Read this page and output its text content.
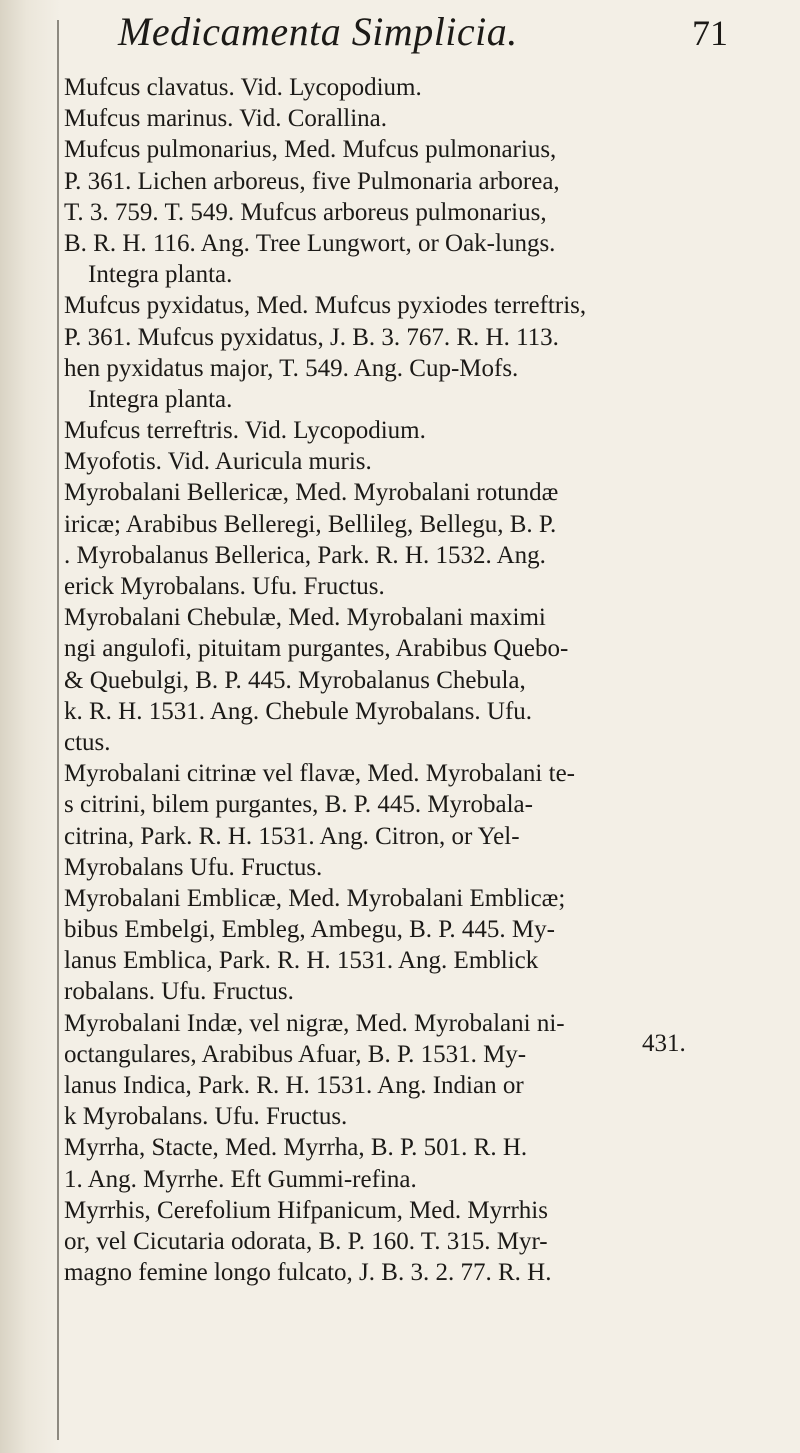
Medicamenta Simplicia.	71
Mufcus clavatus. Vid. Lycopodium.
Mufcus marinus. Vid. Corallina.
Mufcus pulmonarius, Med. Mufcus pulmonarius,
P. 361. Lichen arboreus, five Pulmonaria arborea,
T. 3. 759. T. 549. Mufcus arboreus pulmonarius,
B. R. H. 116. Ang. Tree Lungwort, or Oak-lungs.
Integra planta.
Mufcus pyxidatus, Med. Mufcus pyxiodes terreftris,
P. 361. Mufcus pyxidatus, J. B. 3. 767. R. H. 113.
hen pyxidatus major, T. 549. Ang. Cup-Mofs.
Integra planta.
Mufcus terreftris. Vid. Lycopodium.
Myofotis. Vid. Auricula muris.
Myrobalani Bellericæ, Med. Myrobalani rotundæ
iricæ; Arabibus Belleregi, Bellileg, Bellegu, B. P.
. Myrobalanus Bellerica, Park. R. H. 1532. Ang.
erick Myrobalans. Ufu. Fructus.
Myrobalani Chebulæ, Med. Myrobalani maximi
ngi angulofi, pituitam purgantes, Arabibus Quebo-
& Quebulgi, B. P. 445. Myrobalanus Chebula,
k. R. H. 1531. Ang. Chebule Myrobalans. Ufu.
ctus.
Myrobalani citrinæ vel flavæ, Med. Myrobalani te-
s citrini, bilem purgantes, B. P. 445. Myrobala-
citrina, Park. R. H. 1531. Ang. Citron, or Yel-
Myrobalans Ufu. Fructus.
Myrobalani Emblicæ, Med. Myrobalani Emblicæ;
bibus Embelgi, Embleg, Ambegu, B. P. 445. My-
lanus Emblica, Park. R. H. 1531. Ang. Emblick
robalans. Ufu. Fructus.
Myrobalani Indæ, vel nigræ, Med. Myrobalani ni-
octangulares, Arabibus Afuar, B. P. 1531. My-
lanus Indica, Park. R. H. 1531. Ang. Indian or
k Myrobalans. Ufu. Fructus.
Myrrha, Stacte, Med. Myrrha, B. P. 501. R. H.
1. Ang. Myrrhe. Eft Gummi-refina.
Myrrhis, Cerefolium Hifpanicum, Med. Myrrhis
or, vel Cicutaria odorata, B. P. 160. T. 315. Myr-
magno femine longo fulcato, J. B. 3. 2. 77. R. H.
431.
